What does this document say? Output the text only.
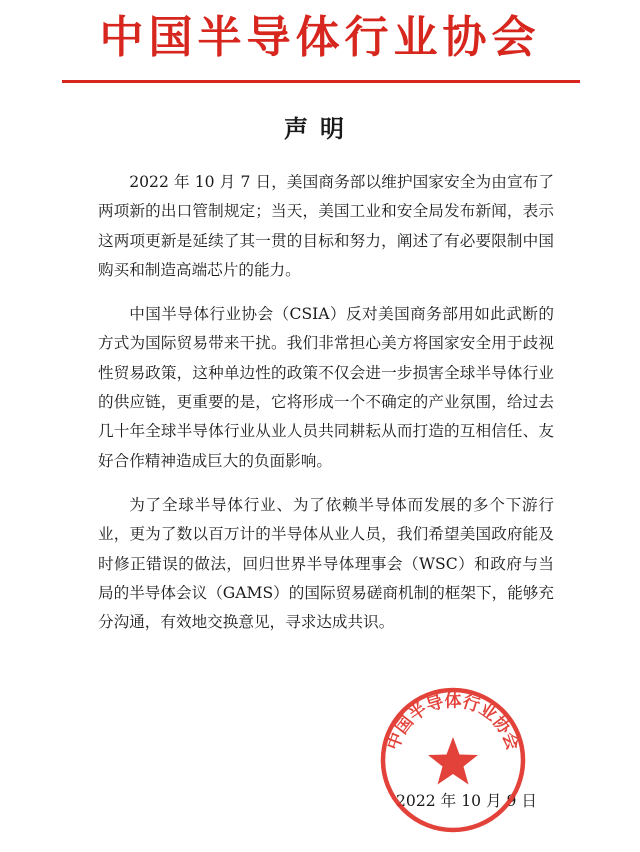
中国半导体行业协会
声明

2022 年 10 月 7 日，美国商务部以维护国家安全为由宣布了两项新的出口管制规定；当天，美国工业和安全局发布新闻，表示这两项更新是延续了其一贯的目标和努力，阐述了有必要限制中国购买和制造高端芯片的能力。

中国半导体行业协会（CSIA）反对美国商务部用如此武断的方式为国际贸易带来干扰。我们非常担心美方将国家安全用于歧视性贸易政策，这种单边性的政策不仅会进一步损害全球半导体行业的供应链，更重要的是，它将形成一个不确定的产业氛围，给过去几十年全球半导体行业从业人员共同耕耘从而打造的互相信任、友好合作精神造成巨大的负面影响。

为了全球半导体行业、为了依赖半导体而发展的多个下游行业，更为了数以百万计的半导体从业人员，我们希望美国政府能及时修正错误的做法，回归世界半导体理事会（WSC）和政府与当局的半导体会议（GAMS）的国际贸易磋商机制的框架下，能够充分沟通，有效地交换意见，寻求达成共识。

2022 年 10 月 9 日
中国半导体行业协会
